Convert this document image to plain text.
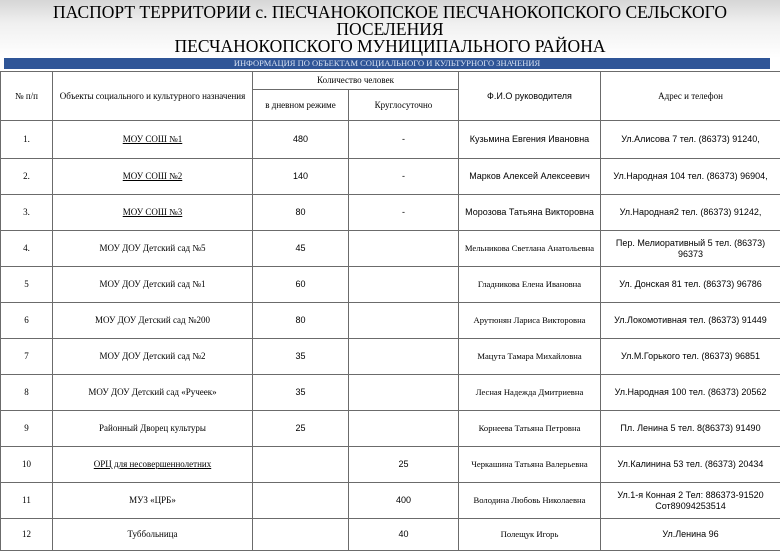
ПАСПОРТ ТЕРРИТОРИИ с. ПЕСЧАНОКОПСКОЕ ПЕСЧАНОКОПСКОГО СЕЛЬСКОГО
ПОСЕЛЕНИЯ
ПЕСЧАНОКОПСКОГО МУНИЦИПАЛЬНОГО РАЙОНА
ИНФОРМАЦИЯ ПО ОБЪЕКТАМ СОЦИАЛЬНОГО И КУЛЬТУРНОГО ЗНАЧЕНИЯ
№ п/п	Объекты социального и культурного назначения	Количество человек		Ф.И.О руководителя	Адрес и телефон
		в дневном режиме	Круглосуточно		
1.	МОУ СОШ №1	480	-	Кузьмина Евгения Ивановна	Ул.Алисова 7 тел. (86373) 91240,
2.	МОУ СОШ №2	140	-	Марков Алексей Алексеевич	Ул.Народная 104 тел. (86373) 96904,
3.	МОУ СОШ №3	80	-	Морозова Татьяна Викторовна	Ул.Народная2 тел. (86373) 91242,
4.	МОУ ДОУ Детский сад №5	45		Мельникова Светлана Анатольевна	Пер. Мелиоративный 5 тел. (86373) 96373
5	МОУ ДОУ Детский сад №1	60		Гладникова Елена Ивановна	Ул. Донская 81 тел. (86373) 96786
6	МОУ ДОУ Детский сад №200	80		Арутюнян Лариса Викторовна	Ул.Локомотивная тел. (86373) 91449
7	МОУ ДОУ Детский сад №2	35		Мацута Тамара Михайловна	Ул.М.Горького тел. (86373) 96851
8	МОУ ДОУ Детский сад «Ручеек»	35		Лесная Надежда Дмитриевна	Ул.Народная 100 тел. (86373) 20562
9	Районный Дворец культуры	25		Корнеева Татьяна Петровна	Пл. Ленина 5 тел. 8(86373) 91490
10	ОРЦ для несовершеннолетних		25	Черкашина Татьяна Валерьевна	Ул.Калинина 53 тел. (86373) 20434
11	МУЗ «ЦРБ»		400	Володина Любовь Николаевна	Ул.1-я Конная 2 Тел: 886373-91520 Сот89094253514
12	Туббольница		40	Полещук Игорь	Ул.Ленина 96
